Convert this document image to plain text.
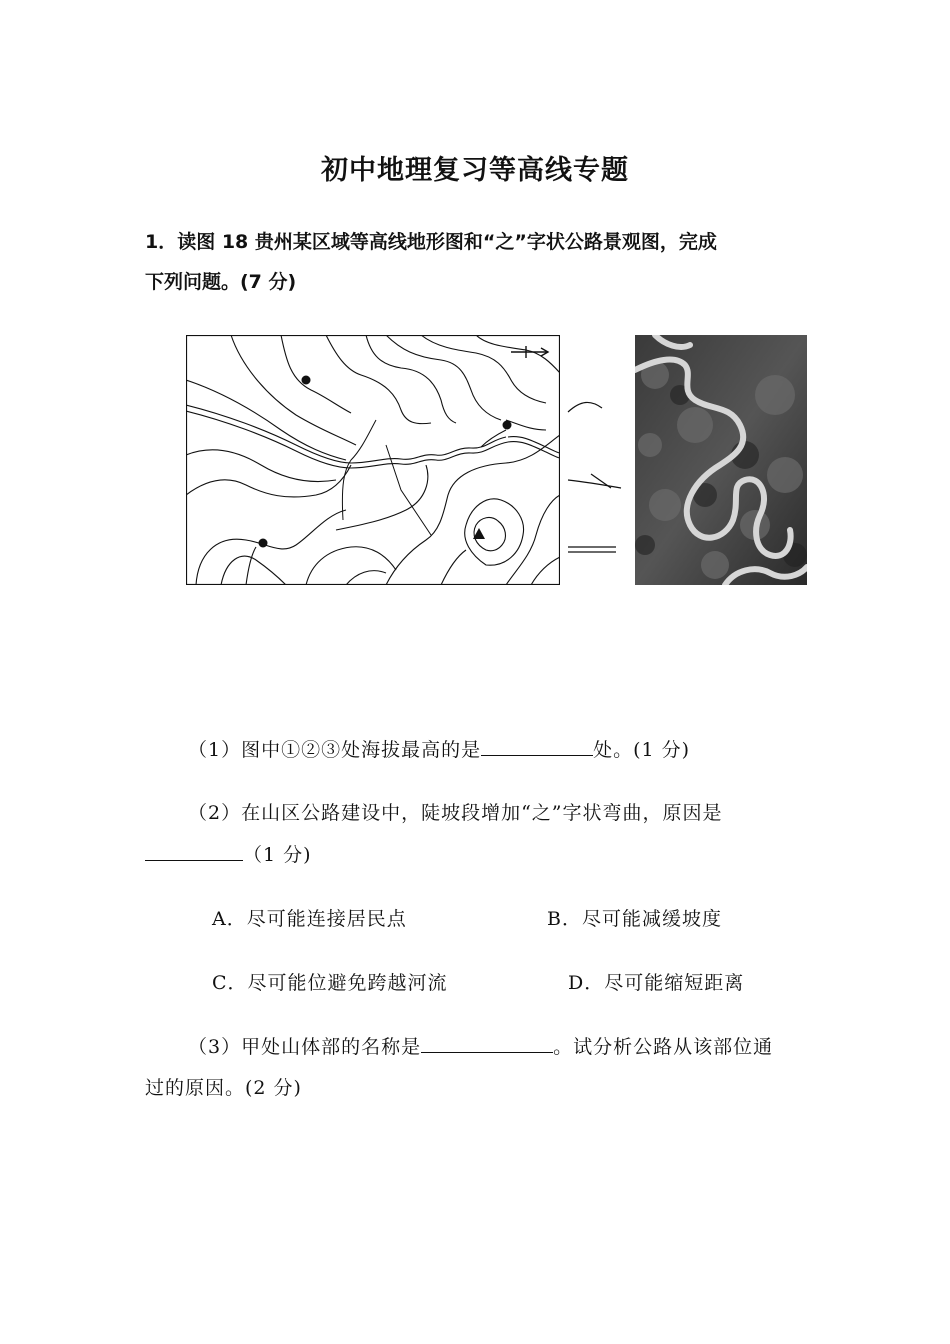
初中地理复习等高线专题
1．读图 18 贵州某区域等高线地形图和“之”字状公路景观图，完成
下列问题。(7 分)
（1）图中①②③处海拔最高的是	处。(1 分)
（2）在山区公路建设中，陡坡段增加“之”字状弯曲，原因是
（1 分)
A．尽可能连接居民点	B．尽可能减缓坡度
C．尽可能位避免跨越河流	D．尽可能缩短距离
（3）甲处山体部的名称是	。试分析公路从该部位通
过的原因。(2 分)
